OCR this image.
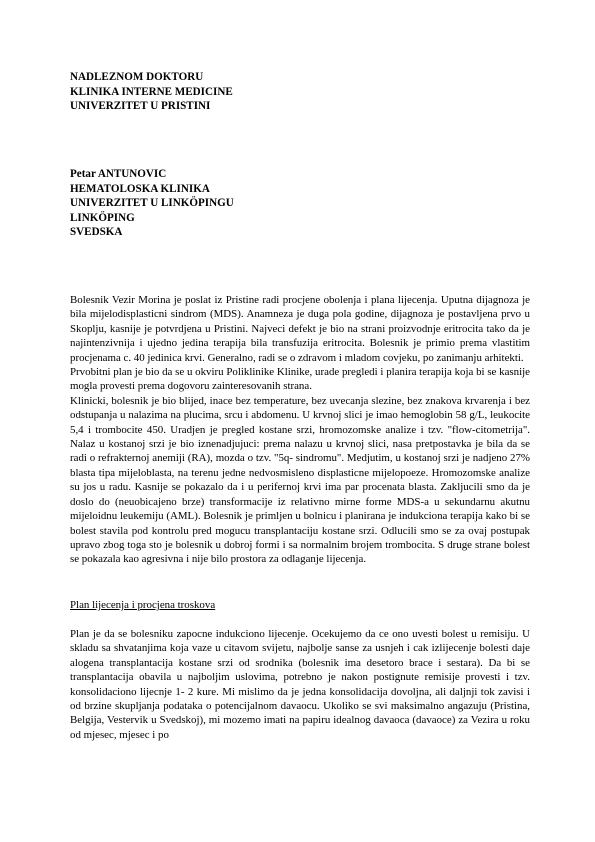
NADLEZNOM DOKTORU
KLINIKA INTERNE MEDICINE
UNIVERZITET U PRISTINI
Petar ANTUNOVIC
HEMATOLOSKA KLINIKA
UNIVERZITET U LINKÖPINGU
LINKÖPING
SVEDSKA

Bolesnik Vezir Morina je poslat iz Pristine radi procjene obolenja i plana lijecenja. Uputna dijagnoza je bila mijelodisplasticni sindrom (MDS). Anamneza je duga pola godine, dijagnoza je postavljena prvo u Skoplju, kasnije je potvrdjena u Pristini. Najveci defekt je bio na strani proizvodnje eritrocita tako da je najintenzivnija i ujedno jedina terapija bila transfuzija eritrocita. Bolesnik je primio prema vlastitim procjenama c. 40 jedinica krvi. Generalno, radi se o zdravom i mladom covjeku, po zanimanju arhitekti.

Prvobitni plan je bio da se u okviru Poliklinike Klinike, urade pregledi i planira terapija koja bi se kasnije mogla provesti prema dogovoru zainteresovanih strana.

Klinicki, bolesnik je bio blijed, inace bez temperature, bez uvecanja slezine, bez znakova krvarenja i bez odstupanja u nalazima na plucima, srcu i abdomenu. U krvnoj slici je imao hemoglobin 58 g/L, leukocite 5,4 i trombocite 450. Uradjen je pregled kostane srzi, hromozomske analize i tzv. "flow-citometrija". Nalaz u kostanoj srzi je bio iznenadjujuci: prema nalazu u krvnoj slici, nasa pretpostavka je bila da se radi o refrakternoj anemiji (RA), mozda o tzv. "5q- sindromu". Medjutim, u kostanoj srzi je nadjeno 27% blasta tipa mijeloblasta, na terenu jedne nedvosmisleno displasticne mijelopoeze. Hromozomske analize su jos u radu. Kasnije se pokazalo da i u perifernoj krvi ima par procenata blasta. Zakljucili smo da je doslo do (neuobicajeno brze) transformacije iz relativno mirne forme MDS-a u sekundarnu akutnu mijeloidnu leukemiju (AML). Bolesnik je primljen u bolnicu i planirana je indukciona terapija kako bi se bolest stavila pod kontrolu pred mogucu transplantaciju kostane srzi. Odlucili smo se za ovaj postupak upravo zbog toga sto je bolesnik u dobroj formi i sa normalnim brojem trombocita. S druge strane bolest se pokazala kao agresivna i nije bilo prostora za odlaganje lijecenja.

Plan lijecenja i procjena troskova

Plan je da se bolesniku zapocne indukciono lijecenje. Ocekujemo da ce ono uvesti bolest u remisiju. U skladu sa shvatanjima koja vaze u citavom svijetu, najbolje sanse za usnjeh i cak izlijecenje bolesti daje alogena transplantacija kostane srzi od srodnika (bolesnik ima desetoro brace i sestara). Da bi se transplantacija obavila u najboljim uslovima, potrebno je nakon postignute remisije provesti i tzv. konsolidaciono lijecnje 1- 2 kure. Mi mislimo da je jedna konsolidacija dovoljna, ali daljnji tok zavisi i od brzine skupljanja podataka o potencijalnom davaocu. Ukoliko se svi maksimalno angazuju (Pristina, Belgija, Vestervik u Svedskoj), mi mozemo imati na papiru idealnog davaoca (davaoce) za Vezira u roku od mjesec, mjesec i po
